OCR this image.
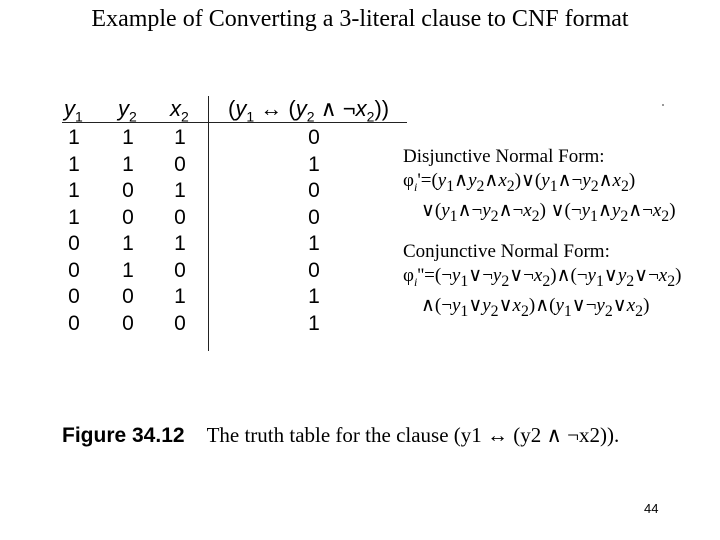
Example of Converting a 3-literal clause to CNF format
$y_1$ $y_2$ $x_2$ ($y_1$ ↔ ($y_2$ ∧ $\neg x_2$))
1 1 1	0
1 1 0	1
1 0 1	0
1 0 0	0
0 1 1	1
0 1 0	0
0 0 1	1
0 0 0	1
Disjunctive Normal Form:
$\varphi_i'=(y_1\wedge y_2\wedge x_2)\vee(y_1\wedge\neg y_2\wedge x_2)$
$\vee(y_1\wedge\neg y_2\wedge\neg x_2)$ $\vee(\neg y_1\wedge y_2\wedge\neg x_2)$
Conjunctive Normal Form:
$\varphi_i''=(\neg y_1\vee\neg y_2\vee\neg x_2)\wedge(\neg y_1\vee y_2\vee\neg x_2)$
$\wedge(\neg y_1\vee y_2\vee x_2)\wedge(y_1\vee\neg y_2\vee x_2)$
Figure 34.12 The truth table for the clause (y1 ↔ (y2 ∧ ¬x2)).
44
